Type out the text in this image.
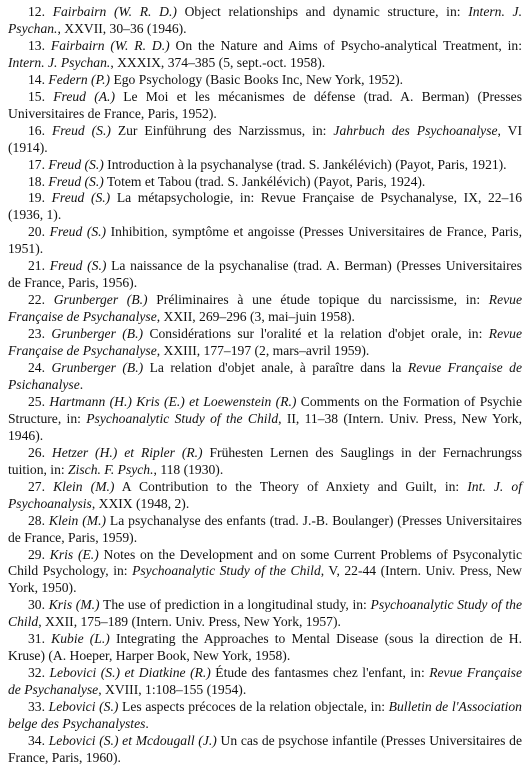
12. Fairbairn (W. R. D.) Object relationships and dynamic structure, in: Intern. J. Psychan., XXVII, 30–36 (1946).
13. Fairbairn (W. R. D.) On the Nature and Aims of Psycho-analytical Treatment, in: Intern. J. Psychan., XXXIX, 374–385 (5, sept.-oct. 1958).
14. Federn (P.) Ego Psychology (Basic Books Inc, New York, 1952).
15. Freud (A.) Le Moi et les mécanismes de défense (trad. A. Berman) (Presses Universitaires de France, Paris, 1952).
16. Freud (S.) Zur Einführung des Narzissmus, in: Jahrbuch des Psychoanalyse, VI (1914).
17. Freud (S.) Introduction à la psychanalyse (trad. S. Jankélévich) (Payot, Paris, 1921).
18. Freud (S.) Totem et Tabou (trad. S. Jankélévich) (Payot, Paris, 1924).
19. Freud (S.) La métapsychologie, in: Revue Française de Psychanalyse, IX, 22–16 (1936, 1).
20. Freud (S.) Inhibition, symptôme et angoisse (Presses Universitaires de France, Paris, 1951).
21. Freud (S.) La naissance de la psychanalise (trad. A. Berman) (Presses Universitaires de France, Paris, 1956).
22. Grunberger (B.) Préliminaires à une étude topique du narcissisme, in: Revue Française de Psychanalyse, XXII, 269–296 (3, mai–juin 1958).
23. Grunberger (B.) Considérations sur l'oralité et la relation d'objet orale, in: Revue Française de Psychanalyse, XXIII, 177–197 (2, mars–avril 1959).
24. Grunberger (B.) La relation d'objet anale, à paraître dans la Revue Française de Psichanalyse.
25. Hartmann (H.) Kris (E.) et Loewenstein (R.) Comments on the Formation of Psychie Structure, in: Psychoanalytic Study of the Child, II, 11–38 (Intern. Univ. Press, New York, 1946).
26. Hetzer (H.) et Ripler (R.) Frühesten Lernen des Sauglings in der Fernachrungss tuition, in: Zisch. F. Psych., 118 (1930).
27. Klein (M.) A Contribution to the Theory of Anxiety and Guilt, in: Int. J. of Psychoanalysis, XXIX (1948, 2).
28. Klein (M.) La psychanalyse des enfants (trad. J.-B. Boulanger) (Presses Universitaires de France, Paris, 1959).
29. Kris (E.) Notes on the Development and on some Current Problems of Psyconalytic Child Psychology, in: Psychoanalytic Study of the Child, V, 22-44 (Intern. Univ. Press, New York, 1950).
30. Kris (M.) The use of prediction in a longitudinal study, in: Psychoanalytic Study of the Child, XXII, 175–189 (Intern. Univ. Press, New York, 1957).
31. Kubie (L.) Integrating the Approaches to Mental Disease (sous la direction de H. Kruse) (A. Hoeper, Harper Book, New York, 1958).
32. Lebovici (S.) et Diatkine (R.) Étude des fantasmes chez l'enfant, in: Revue Française de Psychanalyse, XVIII, 1:108–155 (1954).
33. Lebovici (S.) Les aspects précoces de la relation objectale, in: Bulletin de l'Association belge des Psychanalystes.
34. Lebovici (S.) et Mcdougall (J.) Un cas de psychose infantile (Presses Universitaires de France, Paris, 1960).
